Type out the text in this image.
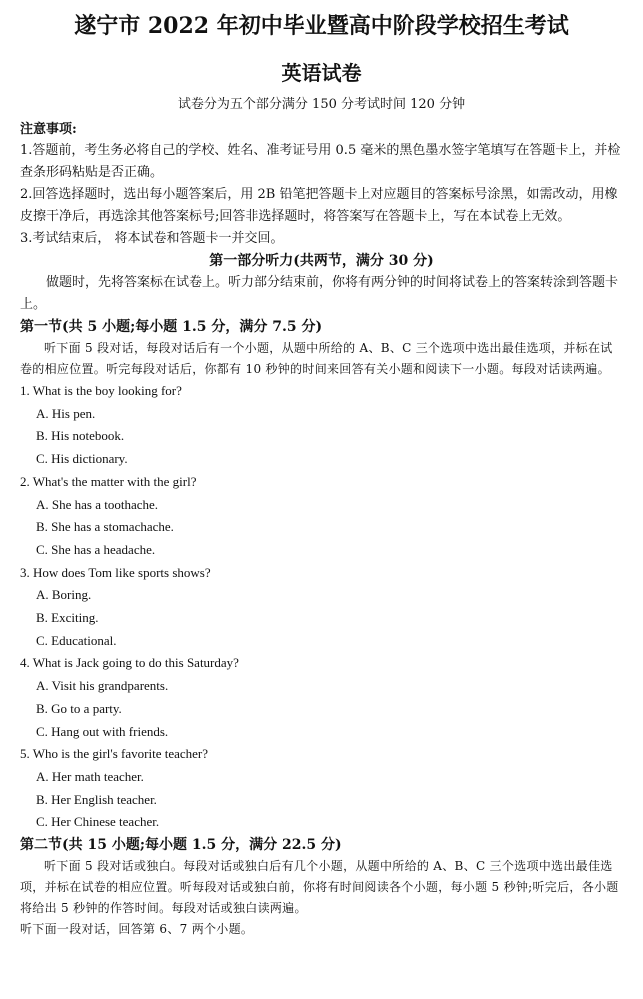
遂宁市 2022 年初中毕业暨高中阶段学校招生考试
英语试卷
试卷分为五个部分满分 150 分考试时间 120 分钟
注意事项:

1.答题前，考生务必将自己的学校、姓名、准考证号用 0.5 毫米的黑色墨水签字笔填写在答题卡上，并检查条形码粘贴是否正确。

2.回答选择题时，选出每小题答案后，用 2B 铅笔把答题卡上对应题目的答案标号涂黑，如需改动，用橡皮擦干净后，再选涂其他答案标号;回答非选择题时，将答案写在答题卡上，写在本试卷上无效。

3.考试结束后， 将本试卷和答题卡一并交回。

第一部分听力(共两节，满分 30 分)

做题时，先将答案标在试卷上。听力部分结束前，你将有两分钟的时间将试卷上的答案转涂到答题卡上。

第一节(共 5 小题;每小题 1.5 分，满分 7.5 分)

听下面 5 段对话，每段对话后有一个小题，从题中所给的 A、B、C 三个选项中选出最佳选项，并标在试卷的相应位置。听完每段对话后，你都有 10 秒钟的时间来回答有关小题和阅读下一小题。每段对话读两遍。

1. What is the boy looking for?

A. His pen.

B. His notebook.

C. His dictionary.

2. What's the matter with the girl?

A. She has a toothache.

B. She has a stomachache.

C. She has a headache.

3. How does Tom like sports shows?

A. Boring.

B. Exciting.

C. Educational.

4. What is Jack going to do this Saturday?

A. Visit his grandparents.

B. Go to a party.

C. Hang out with friends.

5. Who is the girl's favorite teacher?

A. Her math teacher.

B. Her English teacher.

C. Her Chinese teacher.

第二节(共 15 小题;每小题 1.5 分，满分 22.5 分)

听下面 5 段对话或独白。每段对话或独白后有几个小题，从题中所给的 A、B、C 三个选项中选出最佳选项，并标在试卷的相应位置。听每段对话或独白前，你将有时间阅读各个小题，每小题 5 秒钟;听完后，各小题将给出 5 秒钟的作答时间。每段对话或独白读两遍。

听下面一段对话，回答第 6、7 两个小题。
